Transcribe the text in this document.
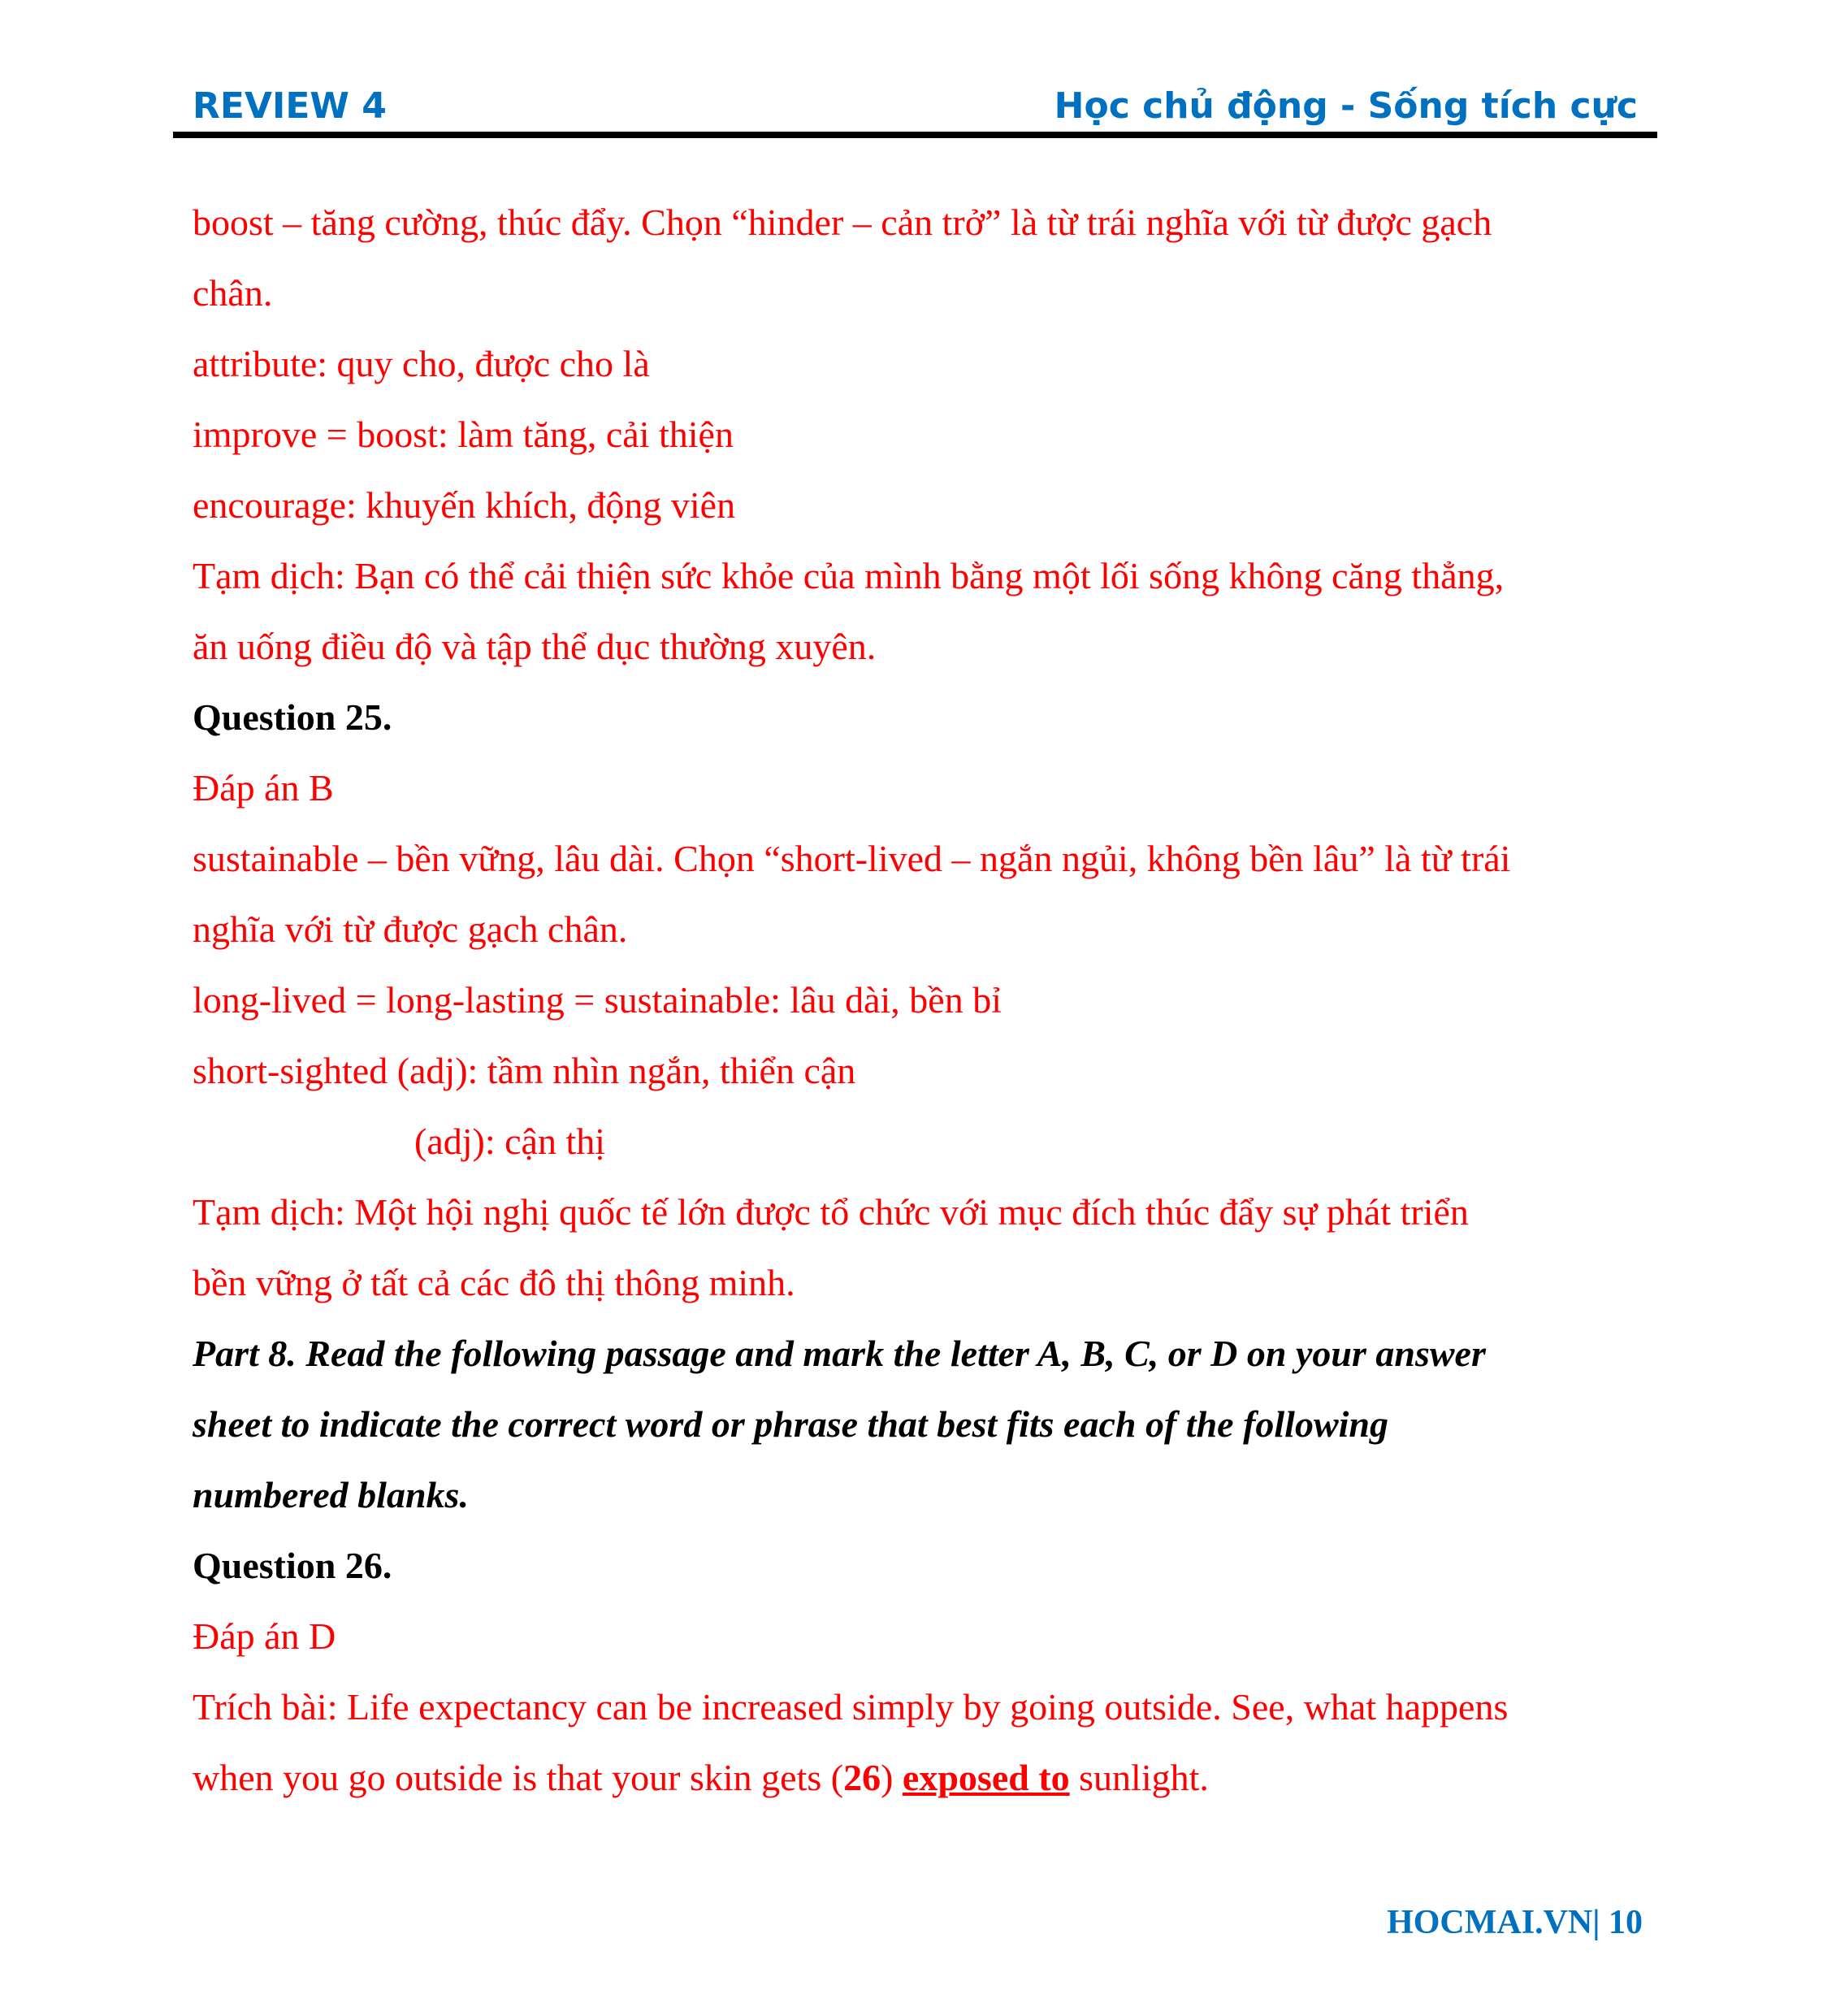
REVIEW 4	Học chủ động - Sống tích cực
boost – tăng cường, thúc đẩy. Chọn “hinder – cản trở” là từ trái nghĩa với từ được gạch
chân.
attribute: quy cho, được cho là
improve = boost: làm tăng, cải thiện
encourage: khuyến khích, động viên
Tạm dịch: Bạn có thể cải thiện sức khỏe của mình bằng một lối sống không căng thẳng,
ăn uống điều độ và tập thể dục thường xuyên.
Question 25.
Đáp án B
sustainable – bền vững, lâu dài. Chọn “short-lived – ngắn ngủi, không bền lâu” là từ trái
nghĩa với từ được gạch chân.
long-lived = long-lasting = sustainable: lâu dài, bền bỉ
short-sighted (adj): tầm nhìn ngắn, thiển cận
(adj): cận thị
Tạm dịch: Một hội nghị quốc tế lớn được tổ chức với mục đích thúc đẩy sự phát triển
bền vững ở tất cả các đô thị thông minh.
Part 8. Read the following passage and mark the letter A, B, C, or D on your answer
sheet to indicate the correct word or phrase that best fits each of the following
numbered blanks.
Question 26.
Đáp án D
Trích bài: Life expectancy can be increased simply by going outside. See, what happens
when you go outside is that your skin gets (26) exposed to sunlight.
HOCMAI.VN| 10
